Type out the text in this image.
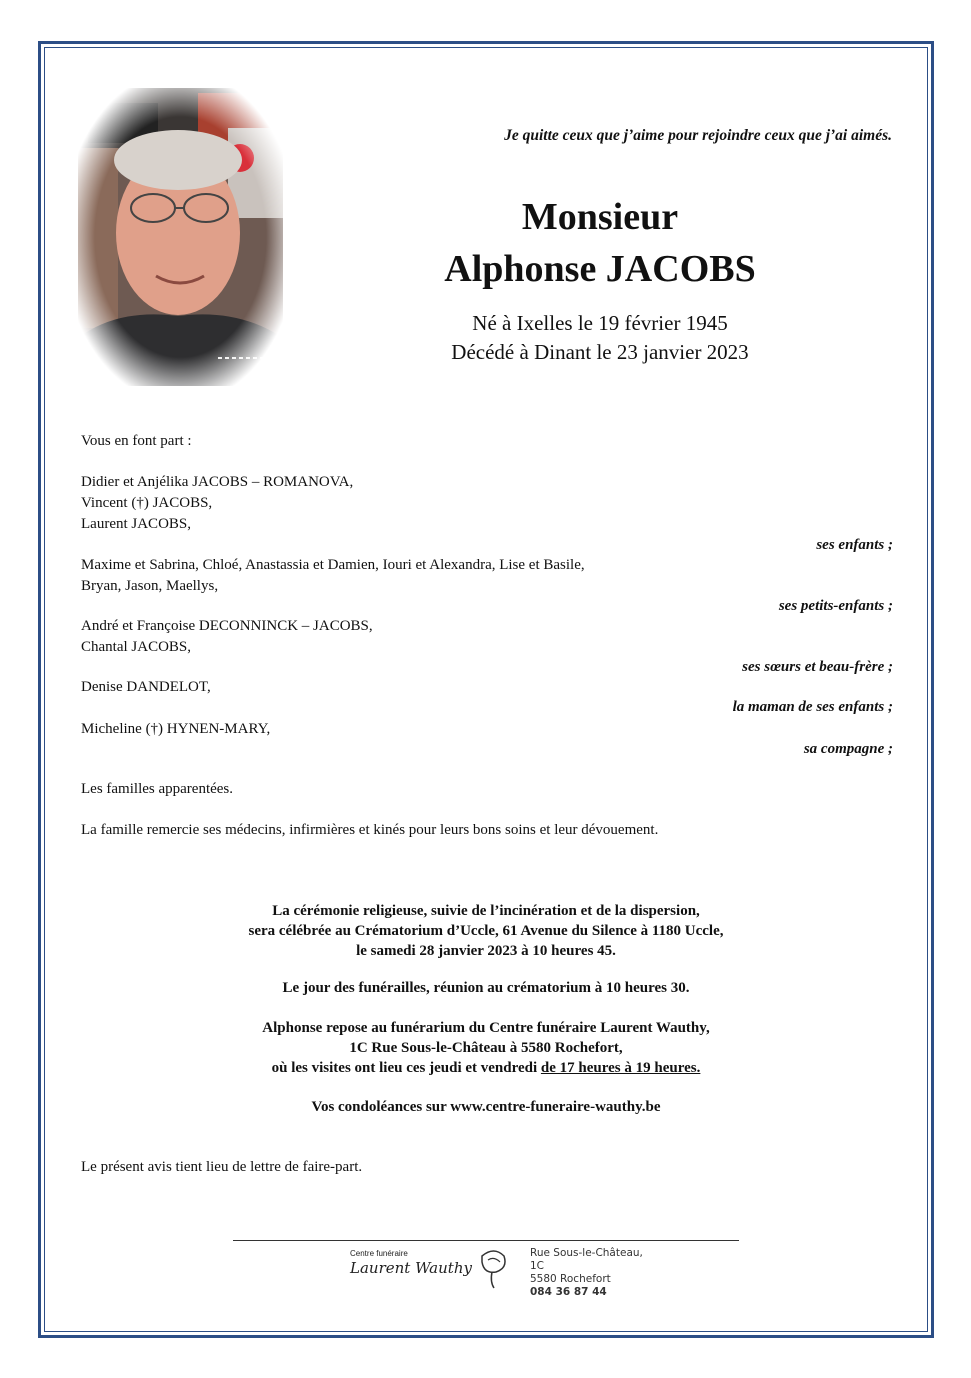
Je quitte ceux que j’aime pour rejoindre ceux que j’ai aimés.
Monsieur
Alphonse JACOBS
Né à Ixelles le 19 février 1945
Décédé à Dinant le 23 janvier 2023
Vous en font part :
Didier et Anjélika JACOBS – ROMANOVA,
Vincent (†) JACOBS,
Laurent JACOBS,
ses enfants ;
Maxime et Sabrina, Chloé, Anastassia et Damien, Iouri et Alexandra, Lise et Basile,
Bryan, Jason, Maellys,
ses petits-enfants ;
André et Françoise DECONNINCK – JACOBS,
Chantal JACOBS,
ses sœurs et beau-frère ;
Denise DANDELOT,
la maman de ses enfants ;
Micheline (†) HYNEN-MARY,
sa compagne ;
Les familles apparentées.
La famille remercie ses médecins, infirmières et kinés pour leurs bons soins et leur dévouement.
La cérémonie religieuse, suivie de l’incinération et de la dispersion,
sera célébrée au Crématorium d’Uccle, 61 Avenue du Silence à 1180 Uccle,
le samedi 28 janvier 2023 à 10 heures 45.
Le jour des funérailles, réunion au crématorium à 10 heures 30.
Alphonse repose au funérarium du Centre funéraire Laurent Wauthy,
1C Rue Sous-le-Château à 5580 Rochefort,
où les visites ont lieu ces jeudi et vendredi de 17 heures à 19 heures.
Vos condoléances sur www.centre-funeraire-wauthy.be
Le présent avis tient lieu de lettre de faire-part.
Centre funéraire
Laurent Wauthy
Rue Sous-le-Château, 1C
5580 Rochefort
084 36 87 44
